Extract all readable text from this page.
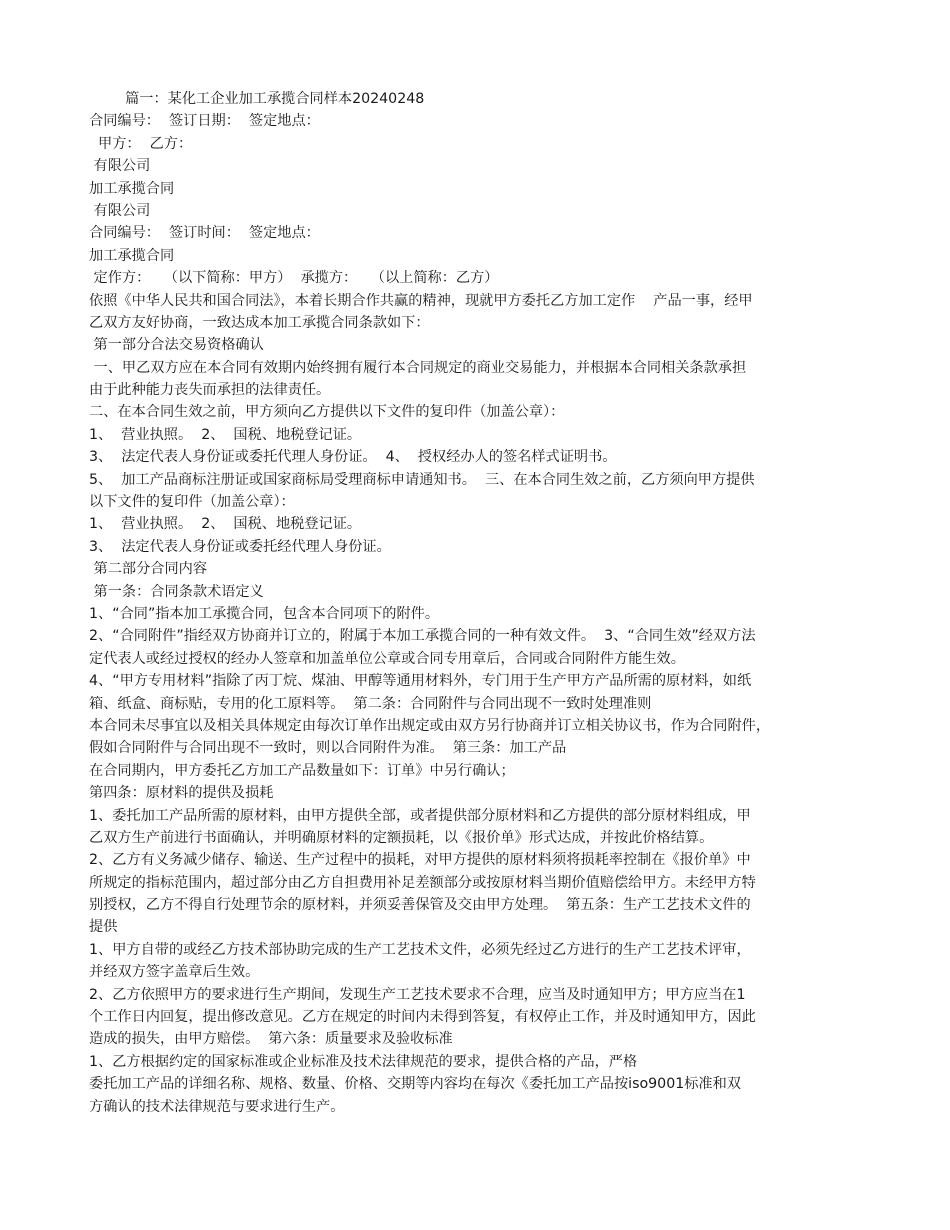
篇一：某化工企业加工承揽合同样本20240248
合同编号：  签订日期：  签定地点：
甲方：  乙方：
有限公司
加工承揽合同
有限公司
合同编号：  签订时间：  签定地点：
加工承揽合同
定作方：   （以下简称：甲方）  承揽方：   （以上简称：乙方）
依照《中华人民共和国合同法》，本着长期合作共赢的精神，现就甲方委托乙方加工定作    产品一事，经甲
乙双方友好协商，一致达成本加工承揽合同条款如下：
第一部分合法交易资格确认
一、甲乙双方应在本合同有效期内始终拥有履行本合同规定的商业交易能力，并根据本合同相关条款承担
由于此种能力丧失而承担的法律责任。
二、在本合同生效之前，甲方须向乙方提供以下文件的复印件（加盖公章）：
1、  营业执照。  2、  国税、地税登记证。
3、  法定代表人身份证或委托代理人身份证。  4、  授权经办人的签名样式证明书。
5、  加工产品商标注册证或国家商标局受理商标申请通知书。  三、在本合同生效之前，乙方须向甲方提供
以下文件的复印件（加盖公章）：
1、  营业执照。  2、  国税、地税登记证。
3、  法定代表人身份证或委托经代理人身份证。
第二部分合同内容
第一条：合同条款术语定义
1、“合同”指本加工承揽合同，包含本合同项下的附件。
2、“合同附件”指经双方协商并订立的，附属于本加工承揽合同的一种有效文件。  3、“合同生效”经双方法
定代表人或经过授权的经办人签章和加盖单位公章或合同专用章后，合同或合同附件方能生效。
4、“甲方专用材料”指除了丙丁烷、煤油、甲醇等通用材料外，专门用于生产甲方产品所需的原材料，如纸
箱、纸盒、商标贴，专用的化工原料等。  第二条：合同附件与合同出现不一致时处理准则
本合同未尽事宜以及相关具体规定由每次订单作出规定或由双方另行协商并订立相关协议书，作为合同附件，
假如合同附件与合同出现不一致时，则以合同附件为准。  第三条：加工产品
在合同期内，甲方委托乙方加工产品数量如下：订单》中另行确认；
第四条：原材料的提供及损耗
1、委托加工产品所需的原材料，由甲方提供全部，或者提供部分原材料和乙方提供的部分原材料组成，甲
乙双方生产前进行书面确认，并明确原材料的定额损耗，以《报价单》形式达成，并按此价格结算。
2、乙方有义务减少储存、输送、生产过程中的损耗，对甲方提供的原材料须将损耗率控制在《报价单》中
所规定的指标范围内，超过部分由乙方自担费用补足差额部分或按原材料当期价值赔偿给甲方。未经甲方特
别授权，乙方不得自行处理节余的原材料，并须妥善保管及交由甲方处理。  第五条：生产工艺技术文件的
提供
1、甲方自带的或经乙方技术部协助完成的生产工艺技术文件，必须先经过乙方进行的生产工艺技术评审，
并经双方签字盖章后生效。
2、乙方依照甲方的要求进行生产期间，发现生产工艺技术要求不合理，应当及时通知甲方；甲方应当在1
个工作日内回复，提出修改意见。乙方在规定的时间内未得到答复，有权停止工作，并及时通知甲方，因此
造成的损失，由甲方赔偿。  第六条：质量要求及验收标准
1、乙方根据约定的国家标准或企业标准及技术法律规范的要求，提供合格的产品，严格
委托加工产品的详细名称、规格、数量、价格、交期等内容均在每次《委托加工产品按iso9001标准和双
方确认的技术法律规范与要求进行生产。
